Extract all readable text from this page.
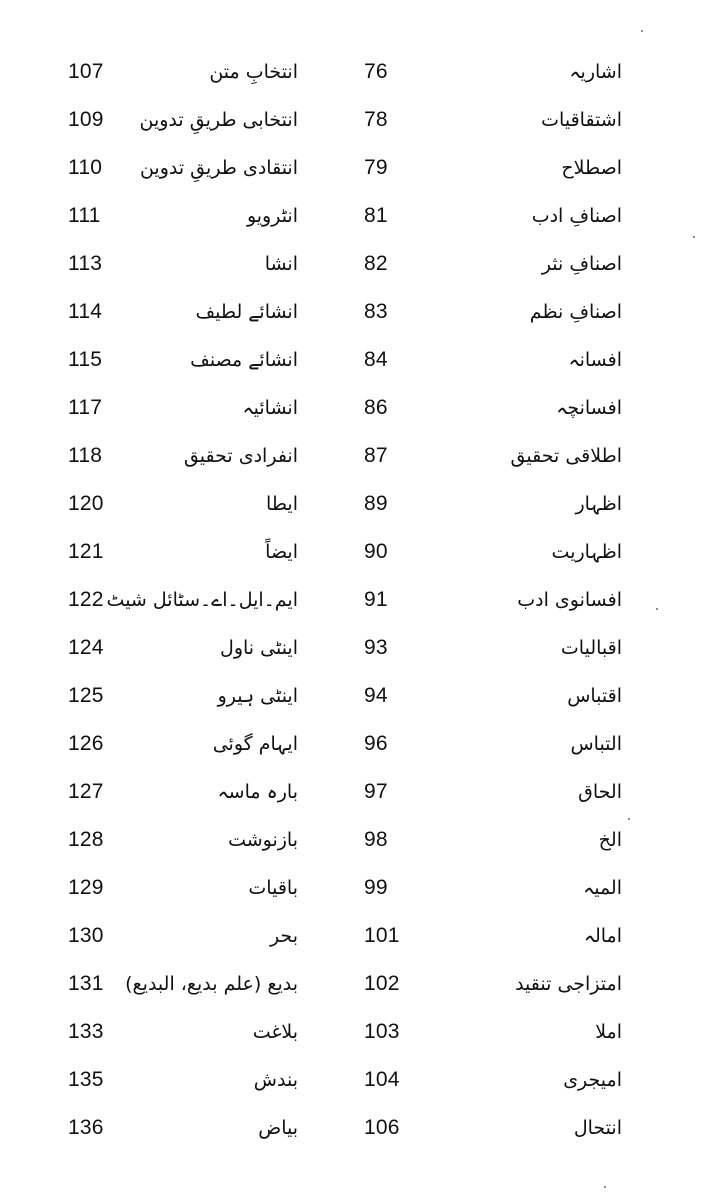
107	انتخابِ متن	76	اشاریہ
109	انتخابی طریقِ تدوین	78	اشتقاقیات
110	انتقادی طریقِ تدوین	79	اصطلاح
111	انٹرویو	81	اصنافِ ادب
113	انشا	82	اصنافِ نثر
114	انشائے لطیف	83	اصنافِ نظم
115	انشائے مصنف	84	افسانہ
117	انشائیہ	86	افسانچہ
118	انفرادی تحقیق	87	اطلاقی تحقیق
120	ایطا	89	اظہار
121	ایضاً	90	اظہاریت
122 ایم۔ایل۔اے۔سٹائل شیٹ	91	افسانوی ادب
124	اینٹی ناول	93	اقبالیات
125	اینٹی ہیرو	94	اقتباس
126	ایہام گوئی	96	التباس
127	بارہ ماسہ	97	الحاق
128	بازنوشت	98	الخ
129	باقیات	99	المیہ
130	بحر	101	امالہ
131	بدیع (علم بدیع، البدیع)	102	امتزاجی تنقید
133	بلاغت	103	املا
135	بندش	104	امیجری
136	بیاض	106	انتحال
